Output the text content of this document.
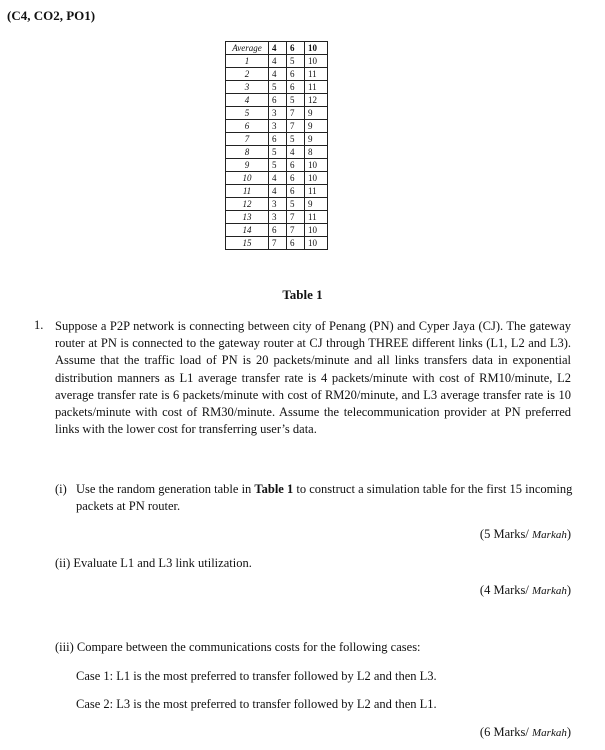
(C4, CO2, PO1)
Average	4	6	10
1	4	5	10
2	4	6	11
3	5	6	11
4	6	5	12
5	3	7	9
6	3	7	9
7	6	5	9
8	5	4	8
9	5	6	10
10	4	6	10
11	4	6	11
12	3	5	9
13	3	7	11
14	6	7	10
15	7	6	10
Table 1
1. Suppose a P2P network is connecting between city of Penang (PN) and Cyper Jaya (CJ). The gateway router at PN is connected to the gateway router at CJ through THREE different links (L1, L2 and L3). Assume that the traffic load of PN is 20 packets/minute and all links transfers data in exponential distribution manners as L1 average transfer rate is 4 packets/minute with cost of RM10/minute, L2 average transfer rate is 6 packets/minute with cost of RM20/minute, and L3 average transfer rate is 10 packets/minute with cost of RM30/minute. Assume the telecommunication provider at PN preferred links with the lower cost for transferring user’s data.
(i) Use the random generation table in Table 1 to construct a simulation table for the first 15 incoming packets at PN router.
(5 Marks/ Markah)
(ii) Evaluate L1 and L3 link utilization.
(4 Marks/ Markah)
(iii) Compare between the communications costs for the following cases:
Case 1: L1 is the most preferred to transfer followed by L2 and then L3.
Case 2: L3 is the most preferred to transfer followed by L2 and then L1.
(6 Marks/ Markah)
